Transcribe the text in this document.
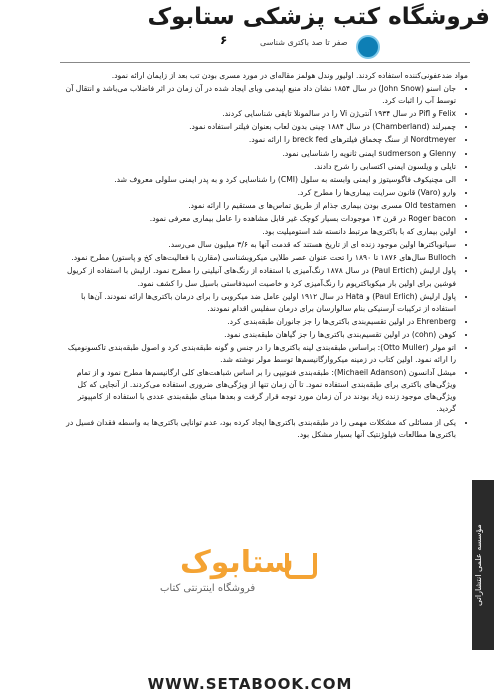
فروشگاه کتب پزشکی ستابوک
صفر تا صد باکتری شناسی
۶

مواد ضدعفونی‌کننده استفاده کردند. اولیور وندل هولمز مقاله‌ای در مورد مسری بودن تب بعد از زایمان ارائه نمود.

• جان اسنو (John Snow) در سال ۱۸۵۴ نشان داد منبع اپیدمی وبای ایجاد شده در آن زمان در اثر فاضلاب می‌باشد و انتقال آن توسط آب را اثبات کرد.
• Felix و Pifl در سال ۱۹۳۴ آنتی‌ژن Vi را در سالمونلا تایفی شناسایی کردند.
• چمبرلند (Chamberland) در سال ۱۸۸۴ چینی بدون لعاب بعنوان فیلتر استفاده نمود.
• Nordtmeyer از سنگ چخماق فیلترهای breck fed را ارائه نمود.
• Glenny و sudmerson ایمنی ثانویه را شناسایی نمود.
• تایلی و ویلسون ایمنی اکتسابی را شرح دادند.
• الی مچنیکوف فاگوسیتوز و ایمنی وابسته به سلول (CMI) را شناسایی کرد و به پدر ایمنی سلولی معروف شد.
• وارو (Varo) قانون سرایت بیماری‌ها را مطرح کرد.
• Old testamen مسری بودن بیماری جذام از طریق تماس‌ها ی مستقیم را ارائه نمود.
• Roger bacon در قرن ۱۳ موجودات بسیار کوچک غیر قابل مشاهده را عامل بیماری معرفی نمود.
• اولین بیماری که با باکتری‌ها مرتبط دانسته شد استومیلیت بود.
• سیانوباکترها اولین موجود زنده ای از تاریخ هستند که قدمت آنها به ۳/۶ میلیون سال می‌رسد.
• Bulloch سال‌های ۱۸۷۶ تا ۱۸۹۰ را تحت عنوان عصر طلایی میکروبشناسی (مقارن با فعالیت‌های کخ و پاستور) مطرح نمود.
• پاول ارلیش (Paul Ertich) در سال ۱۸۷۸ رنگ‌آمیزی با استفاده از رنگ‌های آنیلینی را مطرح نمود. ارلیش با استفاده از کریول فوشین برای اولین بار میکوباکتریوم را رنگ‌آمیزی کرد و خاصیت اسیدفاستی باسیل سل را کشف نمود.
• پاول ارلیش (Paul Erlich) و Hata در سال ۱۹۱۲ اولین عامل ضد میکروبی را برای درمان باکتری‌ها ارائه نمودند. آن‌ها با استفاده از ترکیبات آرسنیکی بنام سالوارسان برای درمان سفلیس اقدام نمودند.
• Ehrenberg در اولین تقسیم‌بندی باکتری‌ها را جز جانوران طبقه‌بندی کرد.
• کوهن (cohn) در اولین تقسیم‌بندی باکتری‌ها را جز گیاهان طبقه‌بندی نمود.
• اتو مولر (Otto Muller): براساس طبقه‌بندی لینه باکتری‌ها را در جنس و گونه طبقه‌بندی کرد و اصول طبقه‌بندی تاکسونومیک را ارائه نمود. اولین کتاب در زمینه میکروارگانیسم‌ها توسط مولر نوشته شد.
• میشل آدانسون (Michaeil Adanson): طبقه‌بندی فنوتیپی را بر اساس شباهت‌های کلی ارگانیسم‌ها مطرح نمود و از تمام ویژگی‌های باکتری برای طبقه‌بندی استفاده نمود. تا آن زمان تنها از ویژگی‌های ضروری استفاده می‌کردند. از آنجایی که کل ویژگی‌های موجود زنده زیاد بودند در آن زمان مورد توجه قرار گرفت و بعدها مبنای طبقه‌بندی عددی با استفاده از کامپیوتر گردید.
• یکی از مسائلی که مشکلات مهمی را در طبقه‌بندی باکتری‌ها ایجاد کرده بود، عدم توانایی باکتری‌ها به واسطه فقدان فسیل در باکتری‌ها مطالعات فیلوژنتیک آنها بسیار مشکل بود.
مؤسسه علمی انتشاراتی
ستابوک
فروشگاه اینترنتی کتاب
WWW.SETABOOK.COM
